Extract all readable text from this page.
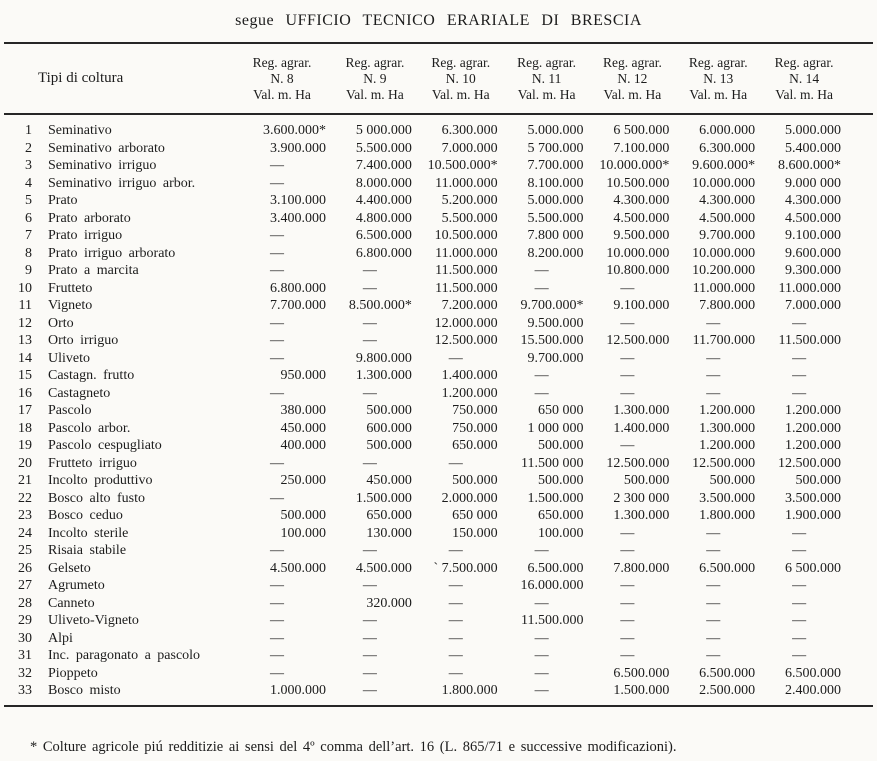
segue UFFICIO TECNICO ERARIALE DI BRESCIA
Tipi di coltura
Reg. agrar.
N. 8
Val. m. Ha
Reg. agrar.
N. 9
Val. m. Ha
Reg. agrar.
N. 10
Val. m. Ha
Reg. agrar.
N. 11
Val. m. Ha
Reg. agrar.
N. 12
Val. m. Ha
Reg. agrar.
N. 13
Val. m. Ha
Reg. agrar.
N. 14
Val. m. Ha
1	Seminativo	3.600.000*	5 000.000	6.300.000	5.000.000	6 500.000	6.000.000	5.000.000
2	Seminativo arborato	3.900.000	5.500.000	7.000.000	5 700.000	7.100.000	6.300.000	5.400.000
3	Seminativo irriguo	—	7.400.000	10.500.000*	7.700.000	10.000.000*	9.600.000*	8.600.000*
4	Seminativo irriguo arbor.	—	8.000.000	11.000.000	8.100.000	10.500.000	10.000.000	9.000 000
5	Prato	3.100.000	4.400.000	5.200.000	5.000.000	4.300.000	4.300.000	4.300.000
6	Prato arborato	3.400.000	4.800.000	5.500.000	5.500.000	4.500.000	4.500.000	4.500.000
7	Prato irriguo	—	6.500.000	10.500.000	7.800 000	9.500.000	9.700.000	9.100.000
8	Prato irriguo arborato	—	6.800.000	11.000.000	8.200.000	10.000.000	10.000.000	9.600.000
9	Prato a marcita	—	—	11.500.000	—	10.800.000	10.200.000	9.300.000
10	Frutteto	6.800.000	—	11.500.000	—	—	11.000.000	11.000.000
11	Vigneto	7.700.000	8.500.000*	7.200.000	9.700.000*	9.100.000	7.800.000	7.000.000
12	Orto	—	—	12.000.000	9.500.000	—	—	—
13	Orto irriguo	—	—	12.500.000	15.500.000	12.500.000	11.700.000	11.500.000
14	Uliveto	—	9.800.000	—	9.700.000	—	—	—
15	Castagn. frutto	950.000	1.300.000	1.400.000	—	—	—	—
16	Castagneto	—	—	1.200.000	—	—	—	—
17	Pascolo	380.000	500.000	750.000	650 000	1.300.000	1.200.000	1.200.000
18	Pascolo arbor.	450.000	600.000	750.000	1 000 000	1.400.000	1.300.000	1.200.000
19	Pascolo cespugliato	400.000	500.000	650.000	500.000	—	1.200.000	1.200.000
20	Frutteto irriguo	—	—	—	11.500 000	12.500.000	12.500.000	12.500.000
21	Incolto produttivo	250.000	450.000	500.000	500.000	500.000	500.000	500.000
22	Bosco alto fusto	—	1.500.000	2.000.000	1.500.000	2 300 000	3.500.000	3.500.000
23	Bosco ceduo	500.000	650.000	650 000	650.000	1.300.000	1.800.000	1.900.000
24	Incolto sterile	100.000	130.000	150.000	100.000	—	—	—
25	Risaia stabile	—	—	—	—	—	—	—
26	Gelseto	4.500.000	4.500.000	` 7.500.000	6.500.000	7.800.000	6.500.000	6 500.000
27	Agrumeto	—	—	—	16.000.000	—	—	—
28	Canneto	—	320.000	—	—	—	—	—
29	Uliveto-Vigneto	—	—	—	11.500.000	—	—	—
30	Alpi	—	—	—	—	—	—	—
31	Inc. paragonato a pascolo	—	—	—	—	—	—	—
32	Pioppeto	—	—	—	—	6.500.000	6.500.000	6.500.000
33	Bosco misto	1.000.000	—	1.800.000	—	1.500.000	2.500.000	2.400.000
* Colture agricole piú redditizie ai sensi del 4º comma dell’art. 16 (L. 865/71 e successive modificazioni).
